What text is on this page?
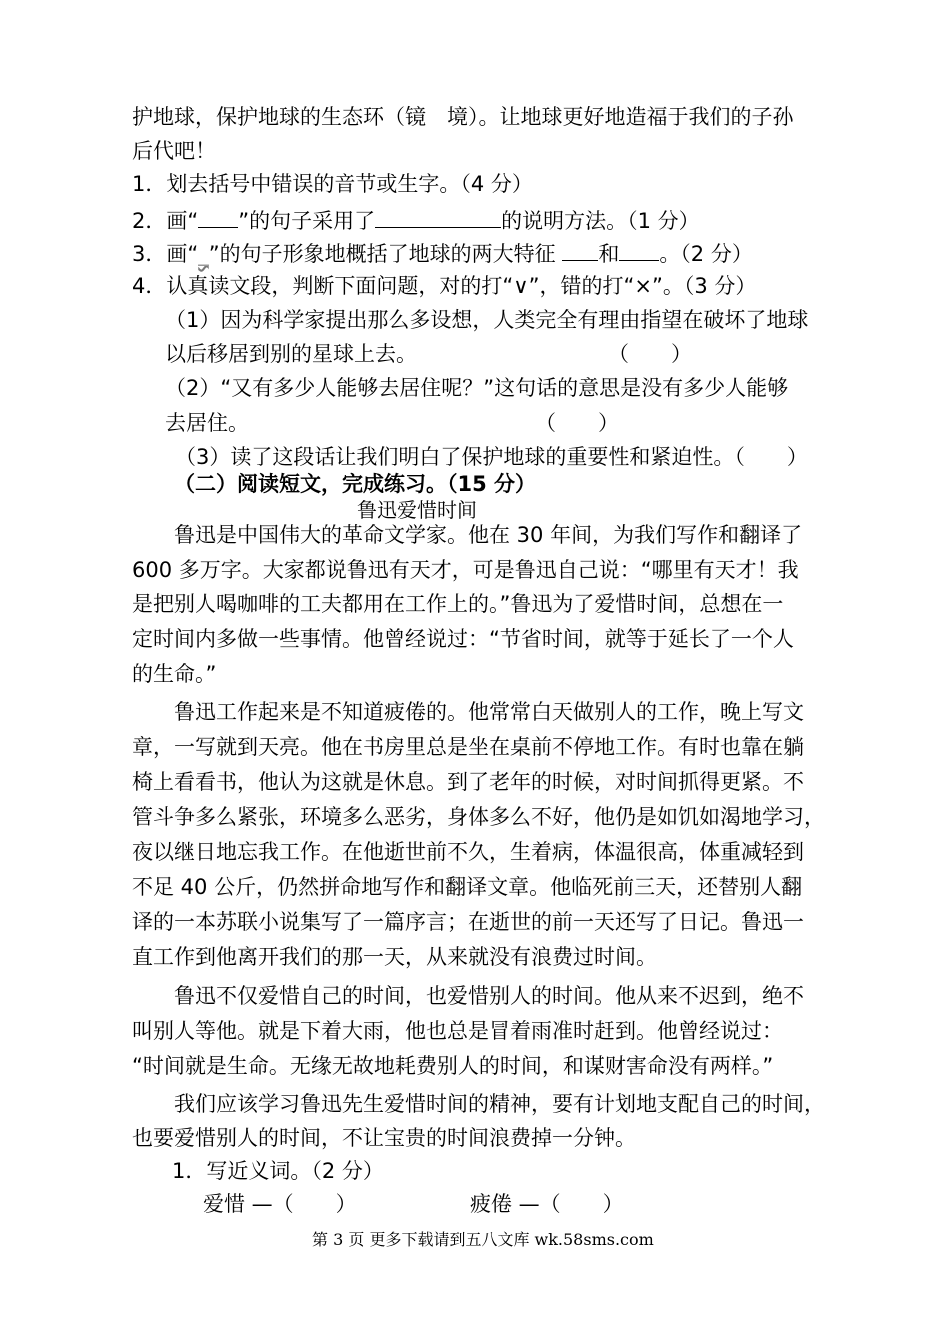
护地球，保护地球的生态环（镜　境）。让地球更好地造福于我们的子孙
后代吧！
1．划去括号中错误的音节或生字。（4 分）
2．画“ ”的句子采用了	的说明方法。（1 分）
3．画“_”的句子形象地概括了地球的两大特征 和 。（2 分）
4．认真读文段，判断下面问题，对的打“∨”，错的打“×”。（3 分）
（1）因为科学家提出那么多设想，人类完全有理由指望在破坏了地球
以后移居到别的星球上去。	（　　）
（2）“又有多少人能够去居住呢？”这句话的意思是没有多少人能够
去居住。	（　　）
（3）读了这段话让我们明白了保护地球的重要性和紧迫性。（　　）
（二）阅读短文，完成练习。（15 分）
鲁迅爱惜时间
　　鲁迅是中国伟大的革命文学家。他在 30 年间，为我们写作和翻译了
600 多万字。大家都说鲁迅有天才，可是鲁迅自己说：“哪里有天才！我
是把别人喝咖啡的工夫都用在工作上的。”鲁迅为了爱惜时间，总想在一
定时间内多做一些事情。他曾经说过：“节省时间，就等于延长了一个人
的生命。”
　　鲁迅工作起来是不知道疲倦的。他常常白天做别人的工作，晚上写文
章，一写就到天亮。他在书房里总是坐在桌前不停地工作。有时也靠在躺
椅上看看书，他认为这就是休息。到了老年的时候，对时间抓得更紧。不
管斗争多么紧张，环境多么恶劣，身体多么不好，他仍是如饥如渴地学习，
夜以继日地忘我工作。在他逝世前不久，生着病，体温很高，体重减轻到
不足 40 公斤，仍然拼命地写作和翻译文章。他临死前三天，还替别人翻
译的一本苏联小说集写了一篇序言；在逝世的前一天还写了日记。鲁迅一
直工作到他离开我们的那一天，从来就没有浪费过时间。
　　鲁迅不仅爱惜自己的时间，也爱惜别人的时间。他从来不迟到，绝不
叫别人等他。就是下着大雨，他也总是冒着雨准时赶到。他曾经说过：
“时间就是生命。无缘无故地耗费别人的时间，和谋财害命没有两样。”
　　我们应该学习鲁迅先生爱惜时间的精神，要有计划地支配自己的时间，
也要爱惜别人的时间，不让宝贵的时间浪费掉一分钟。
1．写近义词。（2 分）
爱惜 —（　　）	疲倦 —（　　）
第 3 页 更多下载请到五八文库 wk.58sms.com
